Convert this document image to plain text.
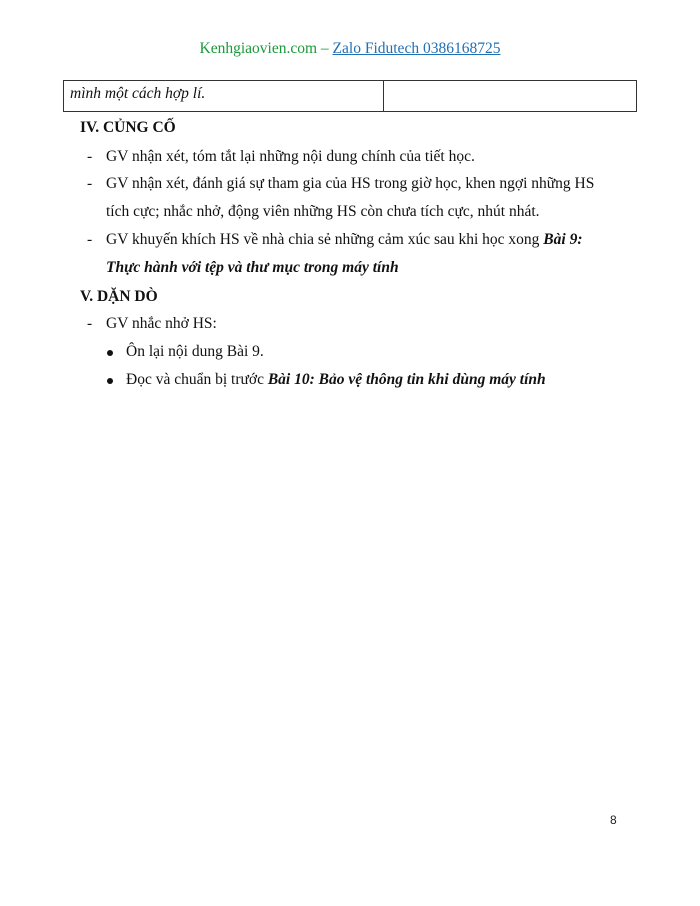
Kenhgiaovien.com – Zalo Fidutech 0386168725
mình một cách hợp lí.	
IV. CỦNG CỐ
- GV nhận xét, tóm tắt lại những nội dung chính của tiết học.
- GV nhận xét, đánh giá sự tham gia của HS trong giờ học, khen ngợi những HS
tích cực; nhắc nhở, động viên những HS còn chưa tích cực, nhút nhát.
- GV khuyến khích HS về nhà chia sẻ những cảm xúc sau khi học xong Bài 9:
Thực hành với tệp và thư mục trong máy tính
V. DẶN DÒ
- GV nhắc nhở HS:
Ôn lại nội dung Bài 9.
Đọc và chuẩn bị trước Bài 10: Bảo vệ thông tin khi dùng máy tính
8
